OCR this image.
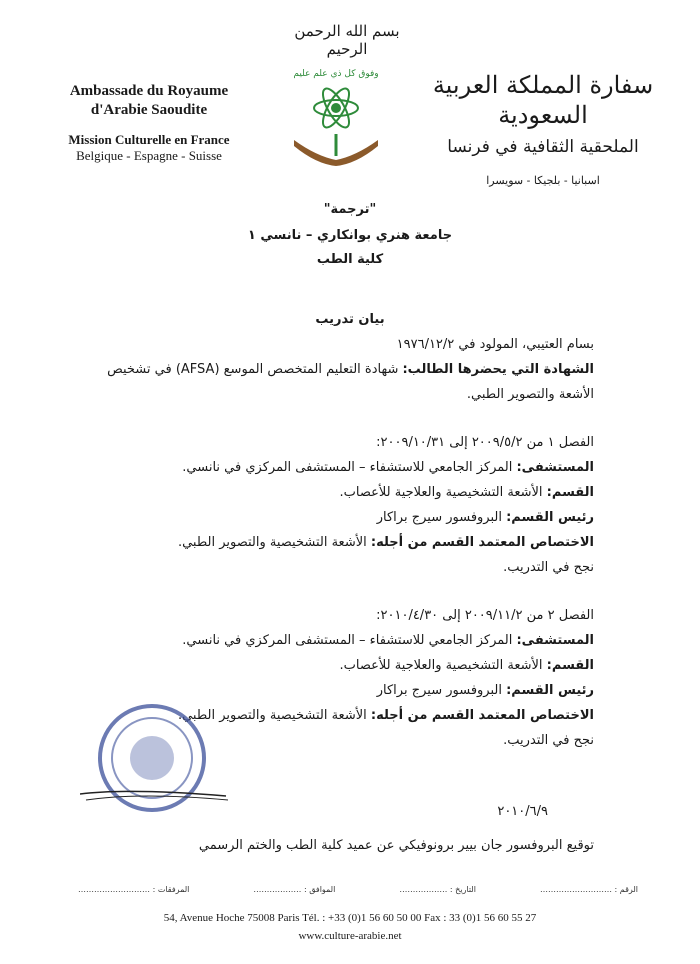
Ambassade du Royaume
d'Arabie Saoudite
Mission Culturelle en France
Belgique - Espagne - Suisse
بسم الله الرحمن الرحيم
وفوق كل ذي علم عليم سفارة المملكة العربية السعودية
الملحقية الثقافية في فرنسا
اسبانيا - بلجيكا - سويسرا
"ترجمة"
جامعة هنري بوانكاري – نانسي ١
كلية الطب
بيان تدريب
بسام العتيبي، المولود في ١٩٧٦/١٢/٢
الشهادة التي يحضرها الطالب: شهادة التعليم المتخصص الموسع (AFSA) في تشخيص
الأشعة والتصوير الطبي.
الفصل ١ من ٢٠٠٩/٥/٢ إلى ٢٠٠٩/١٠/٣١:
المستشفى: المركز الجامعي للاستشفاء – المستشفى المركزي في نانسي.
القسم: الأشعة التشخيصية والعلاجية للأعصاب.
رئيس القسم: البروفسور سيرج براكار
الاختصاص المعتمد القسم من أجله: الأشعة التشخيصية والتصوير الطبي.
نجح في التدريب.
الفصل ٢ من ٢٠٠٩/١١/٢ إلى ٢٠١٠/٤/٣٠:
المستشفى: المركز الجامعي للاستشفاء – المستشفى المركزي في نانسي.
القسم: الأشعة التشخيصية والعلاجية للأعصاب.
رئيس القسم: البروفسور سيرج براكار
الاختصاص المعتمد القسم من أجله: الأشعة التشخيصية والتصوير الطبي.
نجح في التدريب.
٢٠١٠/٦/٩
توقيع البروفسور جان بيير برونوفيكي عن عميد كلية الطب والختم الرسمي
الرقم : ………………………
التاريخ : ………………
الموافق : ………………
المرفقات : ………………………
54, Avenue Hoche 75008 Paris Tél. : +33 (0)1 56 60 50 00 Fax : 33 (0)1 56 60 55 27
www.culture-arabie.net
